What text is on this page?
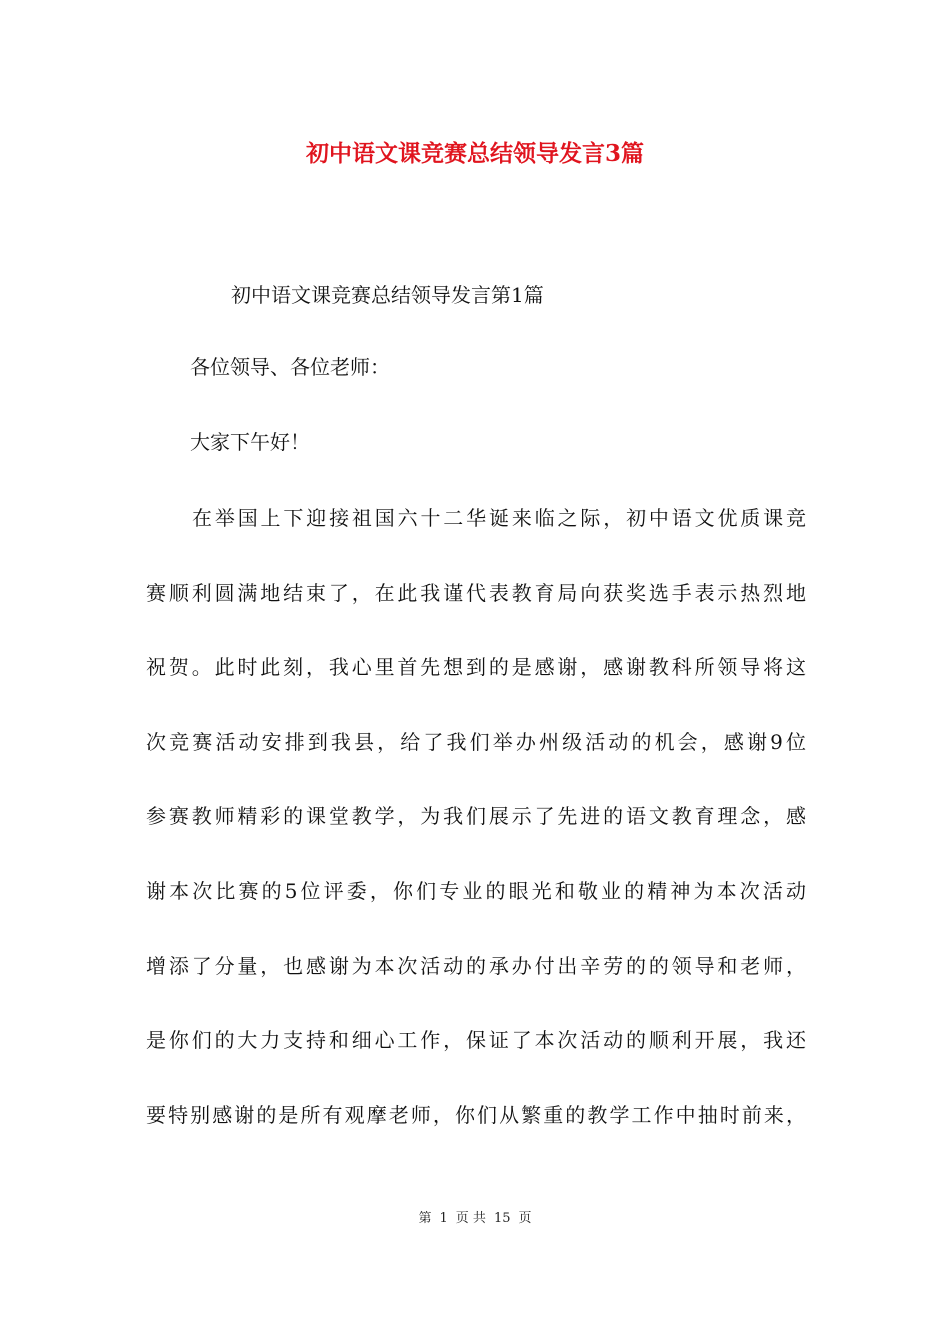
初中语文课竞赛总结领导发言3篇
初中语文课竞赛总结领导发言第1篇
各位领导、各位老师：
大家下午好！
在举国上下迎接祖国六十二华诞来临之际，初中语文优质课竞
赛顺利圆满地结束了，在此我谨代表教育局向获奖选手表示热烈地
祝贺。此时此刻，我心里首先想到的是感谢，感谢教科所领导将这
次竞赛活动安排到我县，给了我们举办州级活动的机会，感谢9位
参赛教师精彩的课堂教学，为我们展示了先进的语文教育理念，感
谢本次比赛的5位评委，你们专业的眼光和敬业的精神为本次活动
增添了分量，也感谢为本次活动的承办付出辛劳的的领导和老师，
是你们的大力支持和细心工作，保证了本次活动的顺利开展，我还
要特别感谢的是所有观摩老师，你们从繁重的教学工作中抽时前来，
第 1 页 共 15 页
